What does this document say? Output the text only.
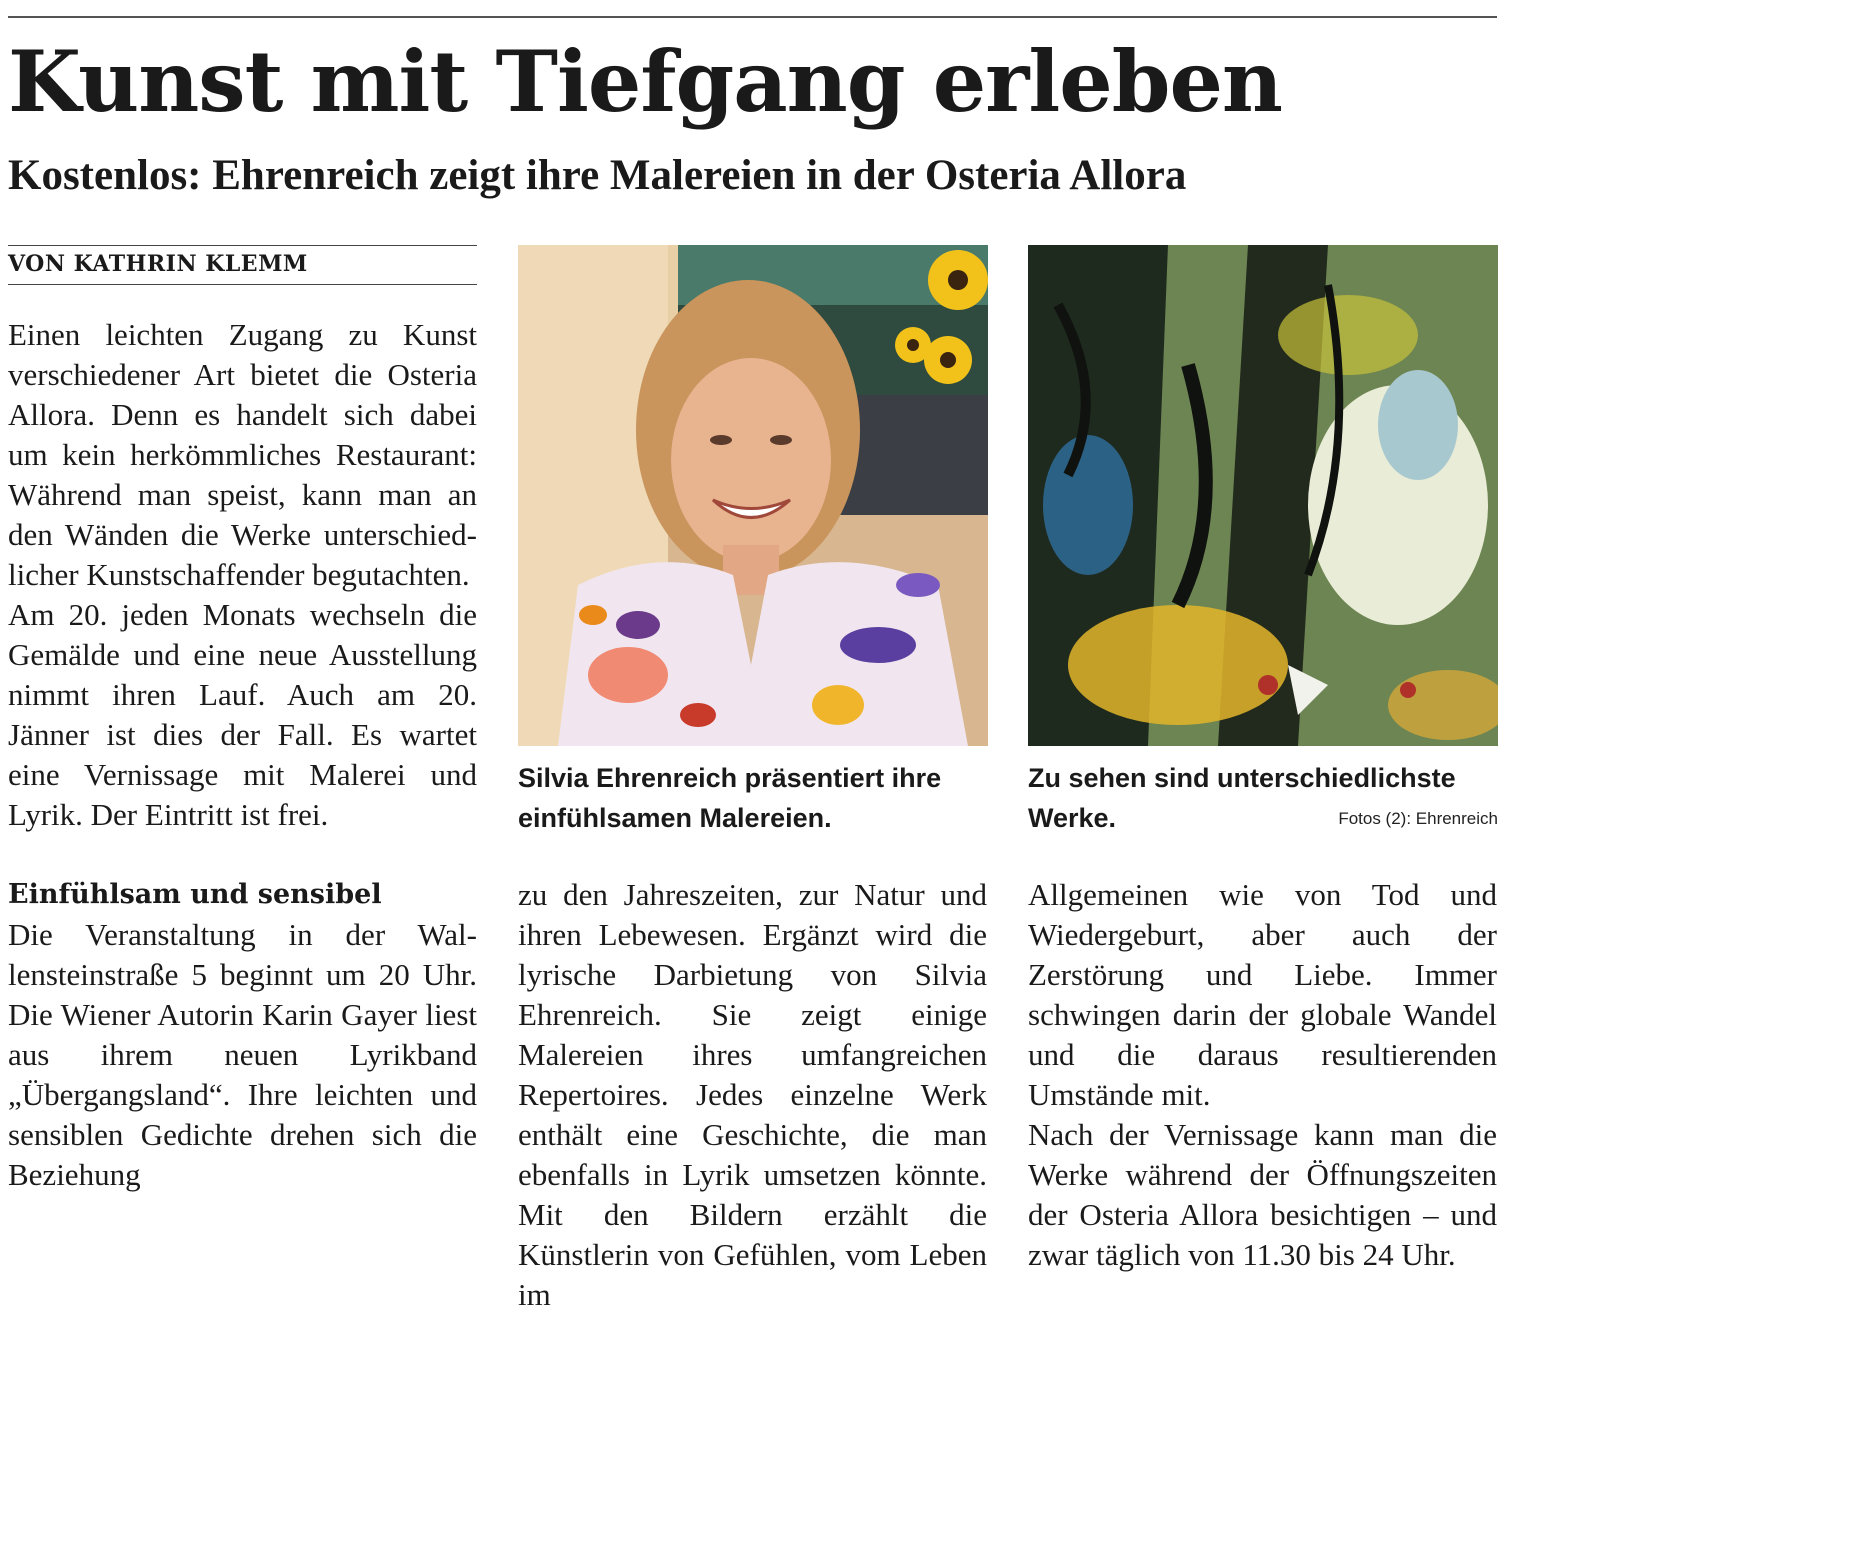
Kunst mit Tiefgang erleben
Kostenlos: Ehrenreich zeigt ihre Malereien in der Osteria Allora
VON KATHRIN KLEMM

Einen leichten Zugang zu Kunst verschiedener Art bietet die Osteria Allora. Denn es handelt sich dabei um kein herkömmliches Restaurant: Während man speist, kann man an den Wänden die Werke unterschiedlicher Kunstschaffender begutachten.

Am 20. jeden Monats wechseln die Gemälde und eine neue Ausstellung nimmt ihren Lauf. Auch am 20. Jänner ist dies der Fall. Es wartet eine Vernissage mit Malerei und Lyrik. Der Eintritt ist frei.

Einfühlsam und sensibel

Die Veranstaltung in der Wallensteinstraße 5 beginnt um 20 Uhr. Die Wiener Autorin Karin Gayer liest aus ihrem neuen Lyrikband „Übergangsland“. Ihre leichten und sensiblen Gedichte drehen sich die Beziehung

Silvia Ehrenreich präsentiert ihre einfühlsamen Malereien.
Zu sehen sind unterschiedlichste Werke.	Fotos (2): Ehrenreich

zu den Jahreszeiten, zur Natur und ihren Lebewesen. Ergänzt wird die lyrische Darbietung von Silvia Ehrenreich. Sie zeigt einige Malereien ihres umfangreichen Repertoires. Jedes einzelne Werk enthält eine Geschichte, die man ebenfalls in Lyrik umsetzen könnte. Mit den Bildern erzählt die Künstlerin von Gefühlen, vom Leben im

Allgemeinen wie von Tod und Wiedergeburt, aber auch der Zerstörung und Liebe. Immer schwingen darin der globale Wandel und die daraus resultierenden Umstände mit.

Nach der Vernissage kann man die Werke während der Öffnungszeiten der Osteria Allora besichtigen – und zwar täglich von 11.30 bis 24 Uhr.
